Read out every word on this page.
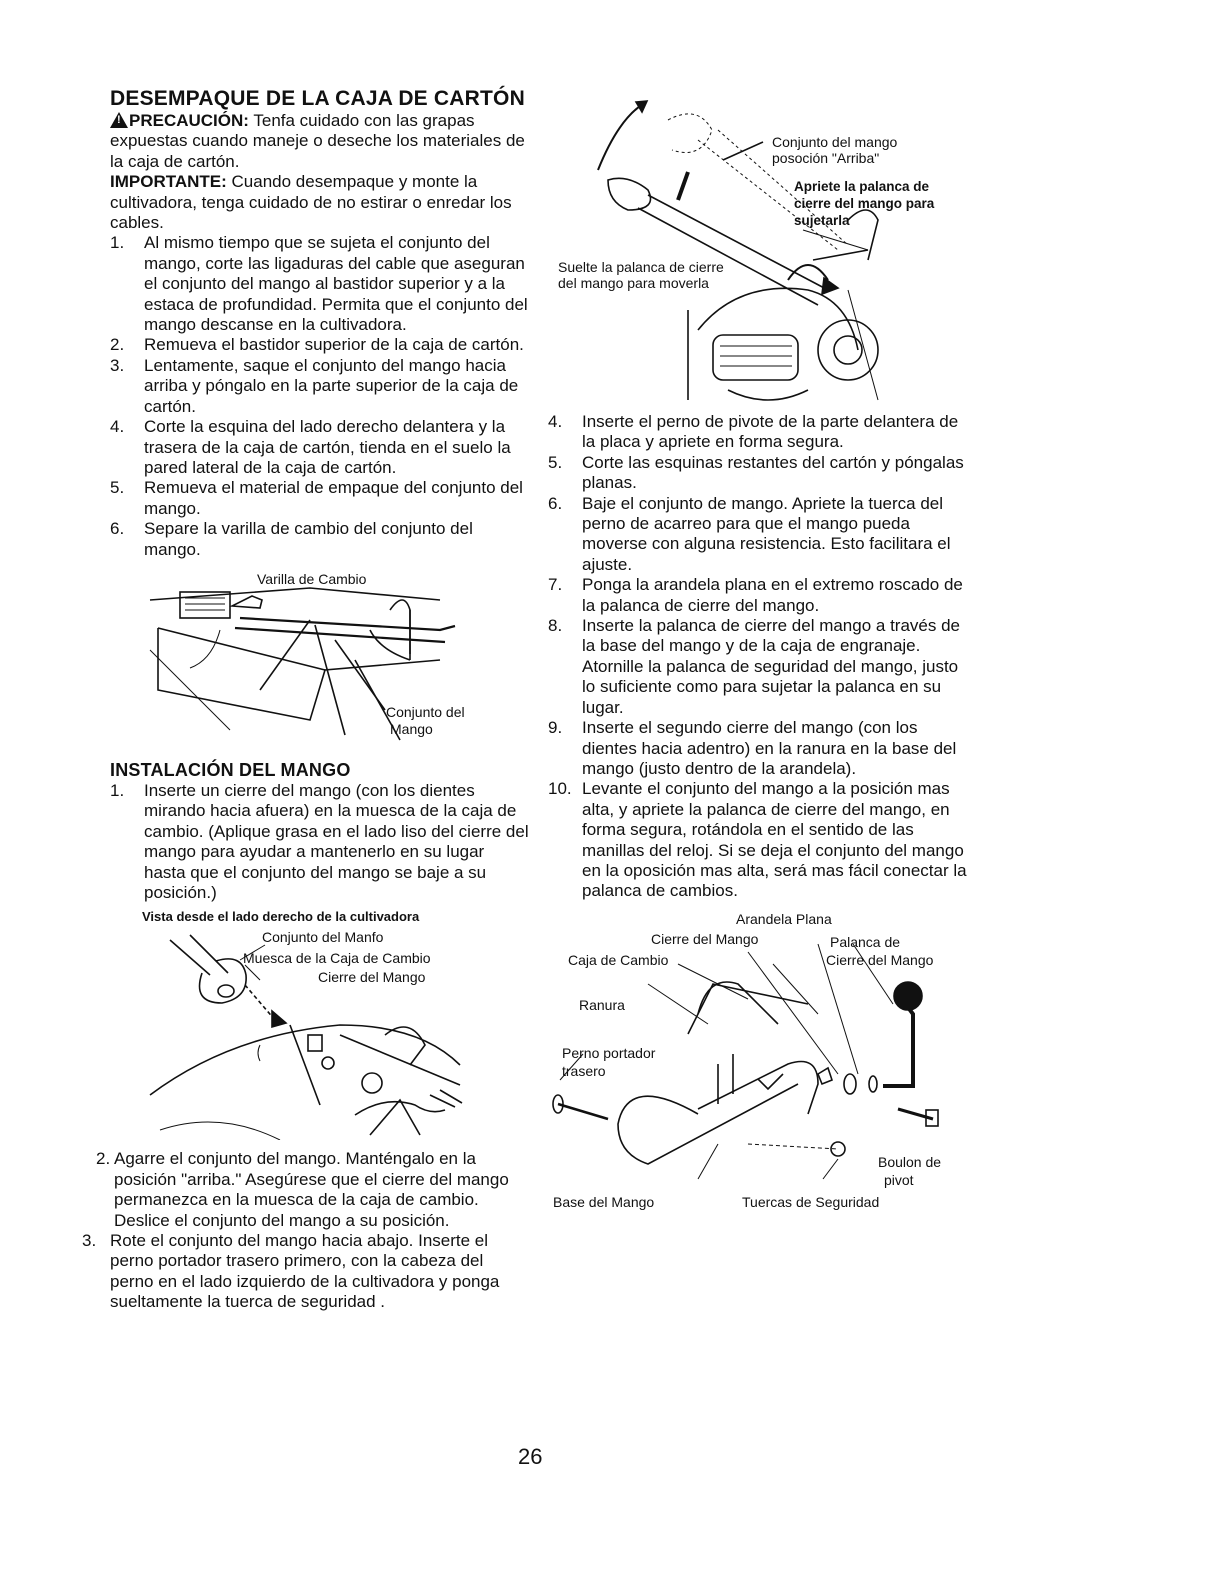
DESEMPAQUE DE LA CAJA DE CARTÓN

!PRECAUCIÓN: Tenfa cuidado con las grapas expuestas cuando maneje o deseche los materiales de la caja de cartón.

IMPORTANTE: Cuando desempaque y monte la cultivadora, tenga cuidado de no estirar o enredar los cables.

1.	Al mismo tiempo que se sujeta el conjunto del mango, corte las ligaduras del cable que aseguran el conjunto del mango al bastidor superior y a la estaca de profundidad. Permita que el conjunto del mango descanse en la cultivadora.
2.	Remueva el bastidor superior de la caja de cartón.
3.	Lentamente, saque el conjunto del mango hacia arriba y póngalo en la parte superior de la caja de cartón.
4.	Corte la esquina del lado derecho delantera y la trasera de la caja de cartón, tienda en el suelo la pared lateral de la caja de cartón.
5.	Remueva el material de empaque del conjunto del mango.
6.	Separe la varilla de cambio del conjunto del mango.
Varilla de Cambio
Conjunto del
Mango
INSTALACIÓN DEL MANGO
1.	Inserte un cierre del mango (con los dientes mirando hacia afuera) en la muesca de la caja de cambio. (Aplique grasa en el lado liso del cierre del mango para ayudar a mantenerlo en su lugar hasta que el conjunto del mango se baje a su posición.)
Vista desde el lado derecho de la cultivadora
Conjunto del Manfo
Muesca de la Caja de Cambio
Cierre del Mango
2. Agarre el conjunto del mango. Manténgalo en la posición "arriba." Asegúrese que el cierre del mango permanezca en la muesca de la caja de cambio. Deslice el conjunto del mango a su posición.
3. Rote el conjunto del mango hacia abajo. Inserte el perno portador trasero primero, con la cabeza del perno en el lado izquierdo de la cultivadora y ponga sueltamente la tuerca de seguridad .
Conjunto del mango
posoción "Arriba"
Apriete la palanca de cierre del mango para sujetarla
Suelte la palanca de cierre del mango para moverla
4.	Inserte el perno de pivote de la parte delantera de la placa y apriete en forma segura.
5.	Corte las esquinas restantes del cartón y póngalas planas.
6.	Baje el conjunto de mango. Apriete la tuerca del perno de acarreo para que el mango pueda moverse con alguna resistencia. Esto facilitara el ajuste.
7.	Ponga la arandela plana en el extremo roscado de la palanca de cierre del mango.
8.	Inserte la palanca de cierre del mango a través de la base del mango y de la caja de engranaje. Atornille la palanca de seguridad del mango, justo lo suficiente como para sujetar la palanca en su lugar.
9.	Inserte el segundo cierre del mango (con los dientes hacia adentro) en la ranura en la base del mango (justo dentro de la arandela).
10. Levante el conjunto del mango a la posición mas alta, y apriete la palanca de cierre del mango, en forma segura, rotándola en el sentido de las manillas del reloj. Si se deja el conjunto del mango en la oposición mas alta, será mas fácil conectar la palanca de cambios.
Arandela Plana
Cierre del Mango	Palanca de
Cierre del Mango
Caja de Cambio
Ranura
Perno portador
trasero
Boulon de
pivot
Base del Mango	Tuercas de Seguridad
26
